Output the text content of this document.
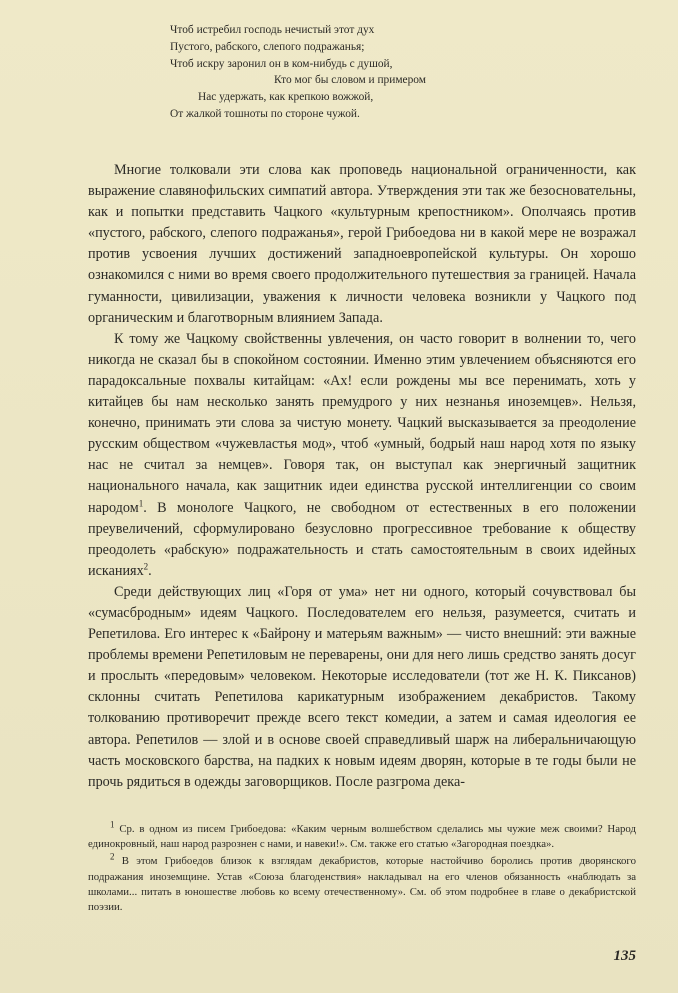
Чтоб истребил господь нечистый этот дух
Пустого, рабского, слепого подражанья;
Чтоб искру заронил он в ком-нибудь с душой,
Кто мог бы словом и примером
Нас удержать, как крепкою вожжой,
От жалкой тошноты по стороне чужой.

Многие толковали эти слова как проповедь национальной ограниченности, как выражение славянофильских симпатий автора. Утверждения эти так же безосновательны, как и попытки представить Чацкого «культурным крепостником». Ополчаясь против «пустого, рабского, слепого подражанья», герой Грибоедова ни в какой мере не возражал против усвоения лучших достижений западноевропейской культуры. Он хорошо ознакомился с ними во время своего продолжительного путешествия за границей. Начала гуманности, цивилизации, уважения к личности человека возникли у Чацкого под органическим и благотворным влиянием Запада.

К тому же Чацкому свойственны увлечения, он часто говорит в волнении то, чего никогда не сказал бы в спокойном состоянии. Именно этим увлечением объясняются его парадоксальные похвалы китайцам: «Ах! если рождены мы все перенимать, хоть у китайцев бы нам несколько занять премудрого у них незнанья иноземцев». Нельзя, конечно, принимать эти слова за чистую монету. Чацкий высказывается за преодоление русским обществом «чужевластья мод», чтоб «умный, бодрый наш народ хотя по языку нас не считал за немцев». Говоря так, он выступал как энергичный защитник национального начала, как защитник идеи единства русской интеллигенции со своим народом$^1$. В монологе Чацкого, не свободном от естественных в его положении преувеличений, сформулировано безусловно прогрессивное требование к обществу преодолеть «рабскую» подражательность и стать самостоятельным в своих идейных исканиях$^2$.

Среди действующих лиц «Горя от ума» нет ни одного, который сочувствовал бы «сумасбродным» идеям Чацкого. Последователем его нельзя, разумеется, считать и Репетилова. Его интерес к «Байрону и матерьям важным» — чисто внешний: эти важные проблемы времени Репетиловым не переварены, они для него лишь средство занять досуг и прослыть «передовым» человеком. Некоторые исследователи (тот же Н. К. Пиксанов) склонны считать Репетилова карикатурным изображением декабристов. Такому толкованию противоречит прежде всего текст комедии, а затем и самая идеология ее автора. Репетилов — злой и в основе своей справедливый шарж на либеральничающую часть московского барства, на падких к новым идеям дворян, которые в те годы были не прочь рядиться в одежды заговорщиков. После разгрома дека-

$^1$ Ср. в одном из писем Грибоедова: «Каким черным волшебством сделались мы чужие меж своими? Народ единокровный, наш народ разрознен с нами, и навеки!». См. также его статью «Загородная поездка».

$^2$ В этом Грибоедов близок к взглядам декабристов, которые настойчиво боролись против дворянского подражания иноземщине. Устав «Союза благоденствия» накладывал на его членов обязанность «наблюдать за школами... питать в юношестве любовь ко всему отечественному». См. об этом подробнее в главе о декабристской поэзии.

135
